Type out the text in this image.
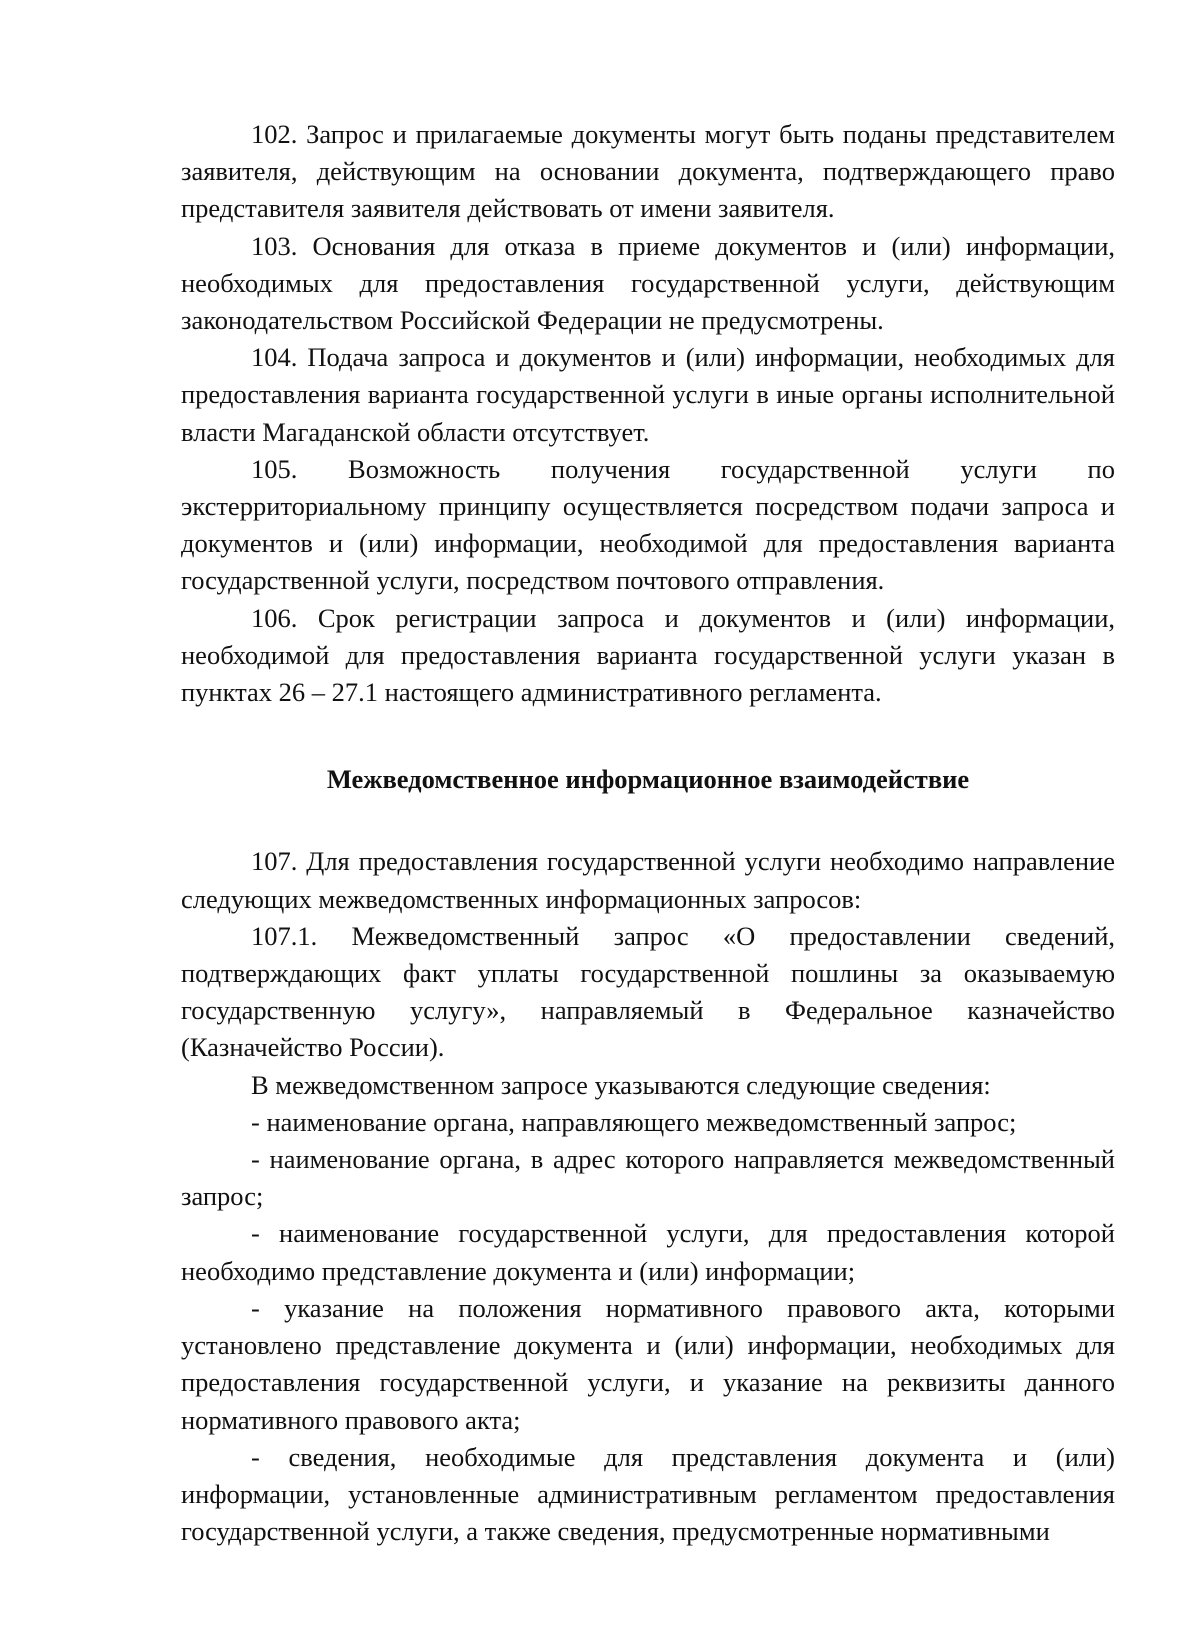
102. Запрос и прилагаемые документы могут быть поданы представителем заявителя, действующим на основании документа, подтверждающего право представителя заявителя действовать от имени заявителя.

103. Основания для отказа в приеме документов и (или) информации, необходимых для предоставления государственной услуги, действующим законодательством Российской Федерации не предусмотрены.

104. Подача запроса и документов и (или) информации, необходимых для предоставления варианта государственной услуги в иные органы исполнительной власти Магаданской области отсутствует.

105. Возможность получения государственной услуги по экстерриториальному принципу осуществляется посредством подачи запроса и документов и (или) информации, необходимой для предоставления варианта государственной услуги, посредством почтового отправления.

106. Срок регистрации запроса и документов и (или) информации, необходимой для предоставления варианта государственной услуги указан в пунктах 26 – 27.1 настоящего административного регламента.

Межведомственное информационное взаимодействие

107. Для предоставления государственной услуги необходимо направление следующих межведомственных информационных запросов:

107.1. Межведомственный запрос «О предоставлении сведений, подтверждающих факт уплаты государственной пошлины за оказываемую государственную услугу», направляемый в Федеральное казначейство (Казначейство России).

В межведомственном запросе указываются следующие сведения:

- наименование органа, направляющего межведомственный запрос;

- наименование органа, в адрес которого направляется межведомственный запрос;

- наименование государственной услуги, для предоставления которой необходимо представление документа и (или) информации;

- указание на положения нормативного правового акта, которыми установлено представление документа и (или) информации, необходимых для предоставления государственной услуги, и указание на реквизиты данного нормативного правового акта;

- сведения, необходимые для представления документа и (или) информации, установленные административным регламентом предоставления государственной услуги, а также сведения, предусмотренные нормативными
